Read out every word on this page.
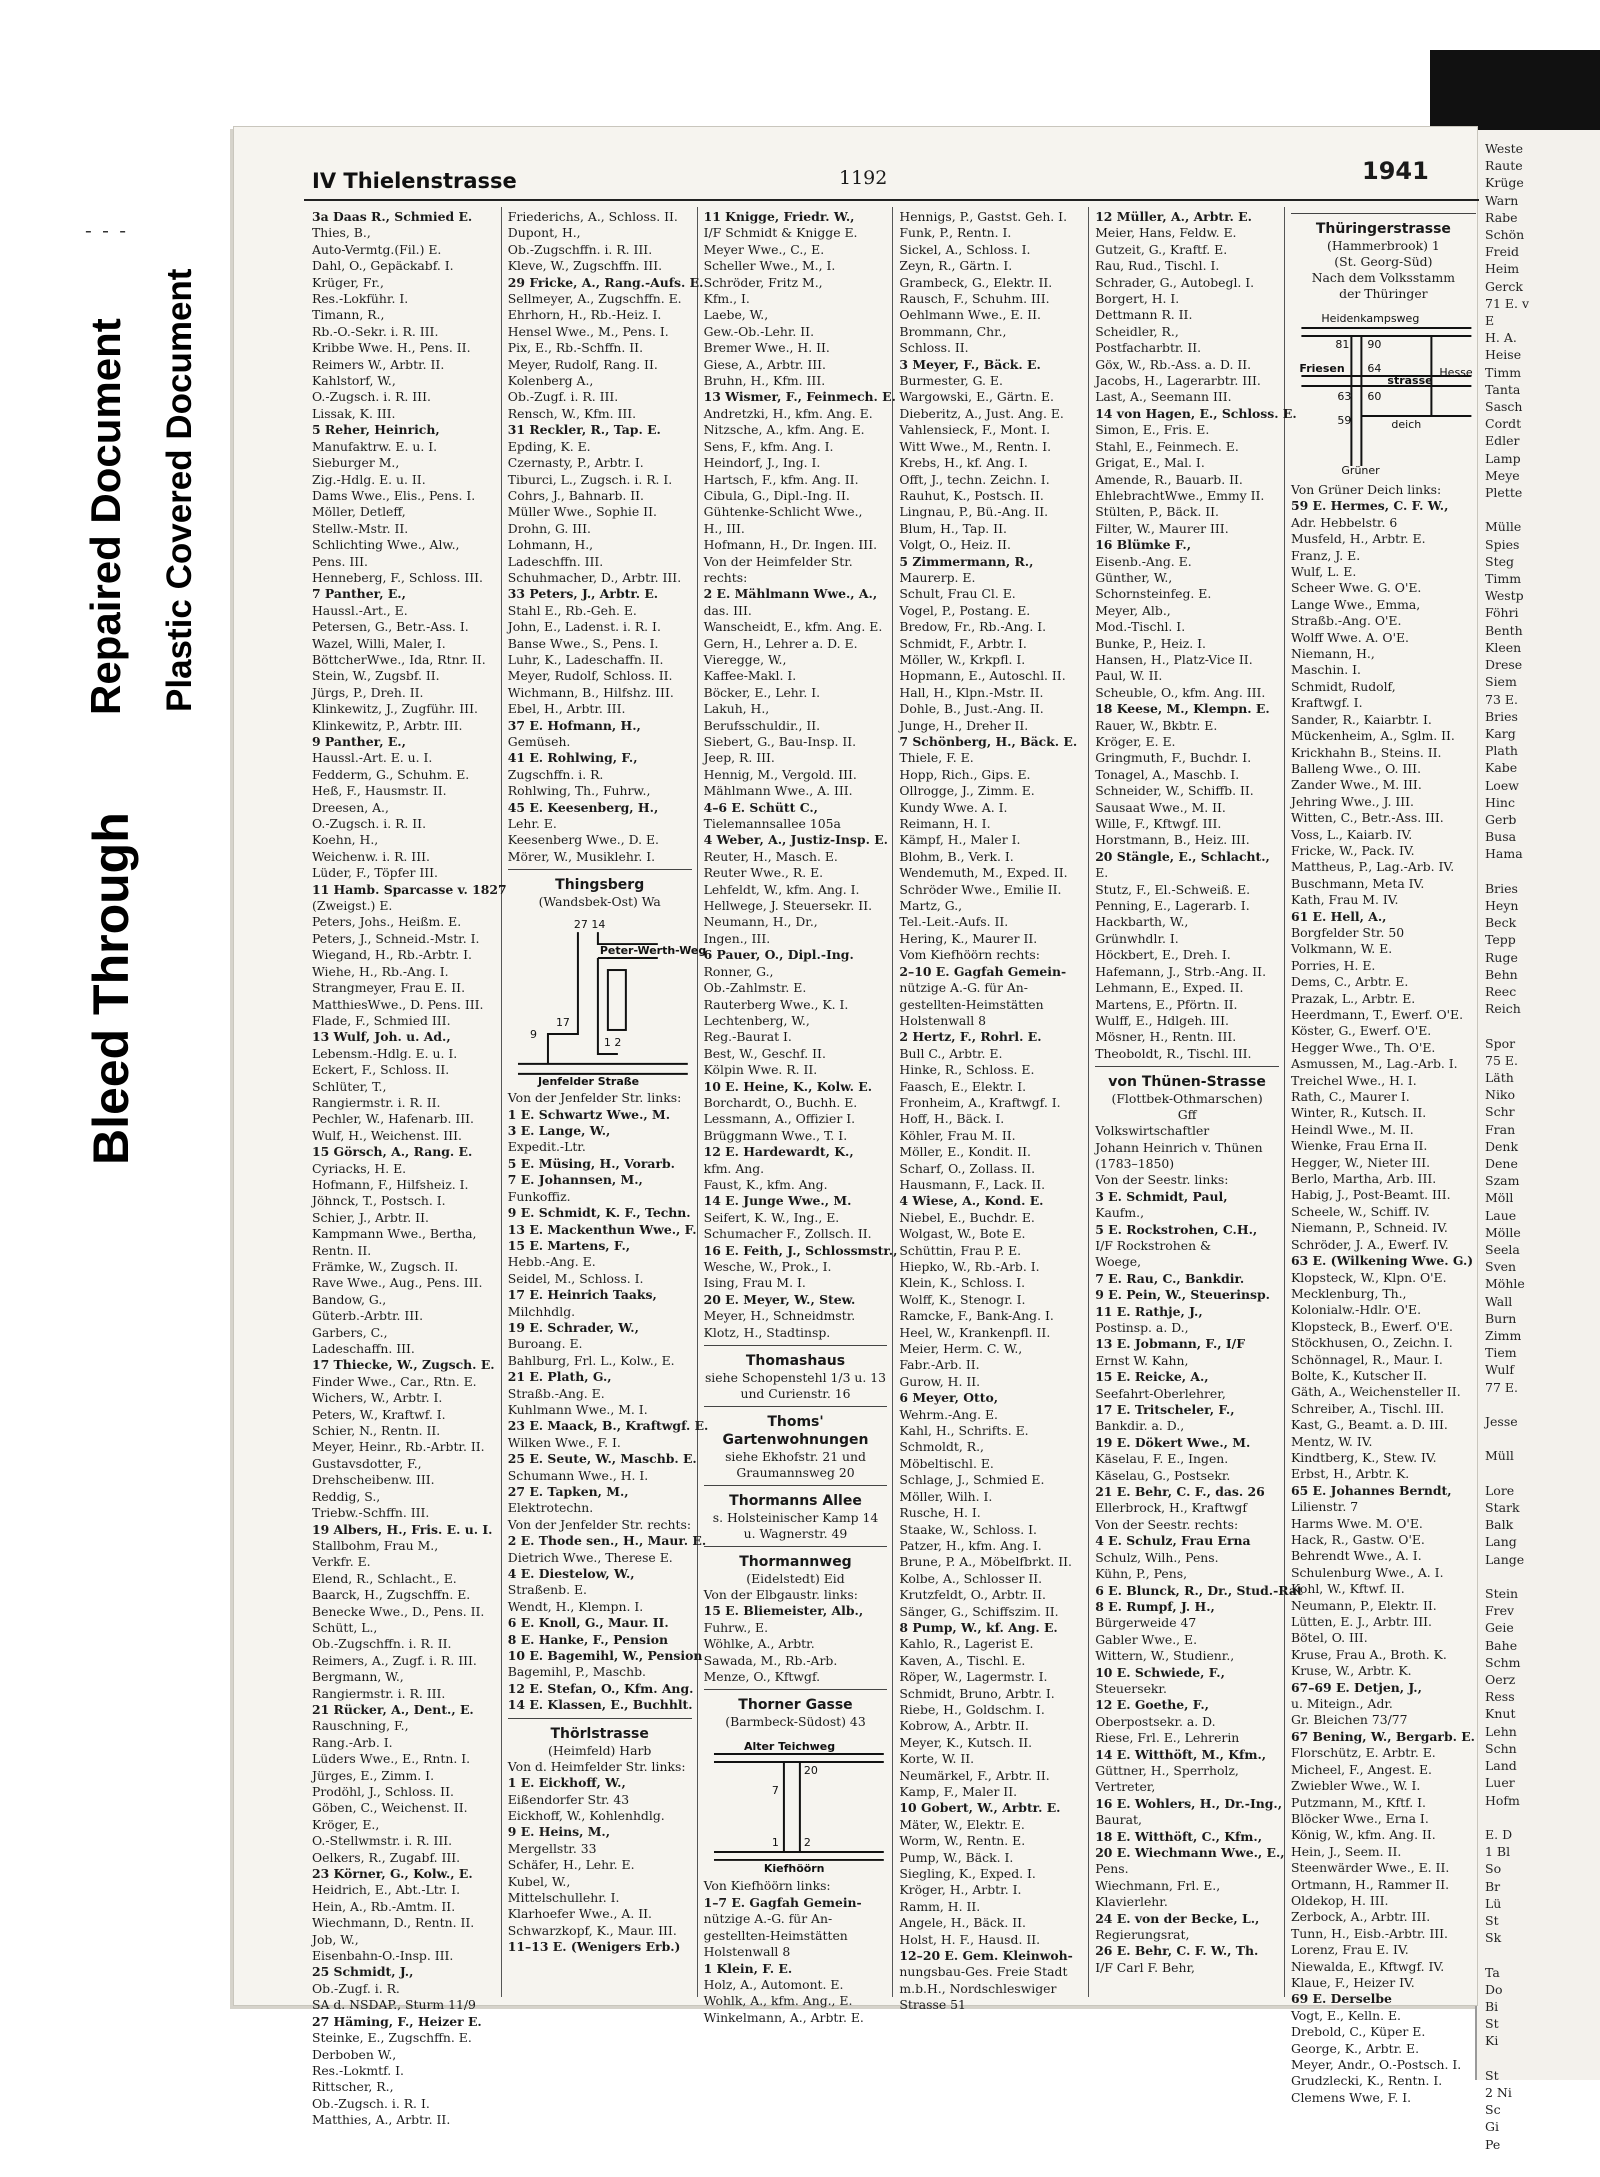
Repaired Document Plastic Covered Document
Bleed Through
- - -
Weste
Raute
Krüge
Warn
Rabe
Schön
Freid
Heim
Gerck
71 E. v
E
H. A.
Heise
Timm
Tanta
Sasch
Cordt
Edler
Lamp
Meye
Plette

Mülle
Spies
Steg
Timm
Westp
Föhri
Benth
Kleen
Drese
Siem
73 E.
Bries
Karg
Plath
Kabe
Loew
Hinc
Gerb
Busa
Hama

Bries
Heyn
Beck
Tepp
Ruge
Behn
Reec
Reich

Spor
75 E.
Läth
Niko
Schr
Fran
Denk
Dene
Szam
Möll
Laue
Mölle
Seela
Sven
Möhle
Wall
Burn
Zimm
Tiem
Wulf
77 E.

Jesse

Müll

Lore
Stark
Balk
Lang
Lange

Stein
Frev
Geie
Bahe
Schm
Oerz
Ress
Knut
Lehn
Schn
Land
Luer
Hofm

E. D
1 Bl
So
Br
Lü
St
Sk

Ta
Do
Bi
St
Ki

St
2 Ni
Sc
Gi
Pe
IV Thielenstrasse	1192	1941
3a Daas R., Schmied E.
Thies, B.,
Auto-Vermtg.(Fil.) E.
Dahl, O., Gepäckabf. I.
Krüger, Fr.,
Res.-Lokführ. I.
Timann, R.,
Rb.-O.-Sekr. i. R. III.
Kribbe Wwe. H., Pens. II.
Reimers W., Arbtr. II.
Kahlstorf, W.,
O.-Zugsch. i. R. III.
Lissak, K. III.
5 Reher, Heinrich,
Manufaktrw. E. u. I.
Sieburger M.,
Zig.-Hdlg. E. u. II.
Dams Wwe., Elis., Pens. I.
Möller, Detleff,
Stellw.-Mstr. II.
Schlichting Wwe., Alw.,
Pens. III.
Henneberg, F., Schloss. III.
7 Panther, E.,
Haussl.-Art., E.
Petersen, G., Betr.-Ass. I.
Wazel, Willi, Maler, I.
BöttcherWwe., Ida, Rtnr. II.
Stein, W., Zugsbf. II.
Jürgs, P., Dreh. II.
Klinkewitz, J., Zugführ. III.
Klinkewitz, P., Arbtr. III.
9 Panther, E.,
Haussl.-Art. E. u. I.
Fedderm, G., Schuhm. E.
Heß, F., Hausmstr. II.
Dreesen, A.,
O.-Zugsch. i. R. II.
Koehn, H.,
Weichenw. i. R. III.
Lüder, F., Töpfer III.
11 Hamb. Sparcasse v. 1827
(Zweigst.) E.
Peters, Johs., Heißm. E.
Peters, J., Schneid.-Mstr. I.
Wiegand, H., Rb.-Arbtr. I.
Wiehe, H., Rb.-Ang. I.
Strangmeyer, Frau E. II.
MatthiesWwe., D. Pens. III.
Flade, F., Schmied III.
13 Wulf, Joh. u. Ad.,
Lebensm.-Hdlg. E. u. I.
Eckert, F., Schloss. II.
Schlüter, T.,
Rangiermstr. i. R. II.
Pechler, W., Hafenarb. III.
Wulf, H., Weichenst. III.
15 Görsch, A., Rang. E.
Cyriacks, H. E.
Hofmann, F., Hilfsheiz. I.
Jöhnck, T., Postsch. I.
Schier, J., Arbtr. II.
Kampmann Wwe., Bertha,
Rentn. II.
Främke, W., Zugsch. II.
Rave Wwe., Aug., Pens. III.
Bandow, G.,
Güterb.-Arbtr. III.
Garbers, C.,
Ladeschaffn. III.
17 Thiecke, W., Zugsch. E.
Finder Wwe., Car., Rtn. E.
Wichers, W., Arbtr. I.
Peters, W., Kraftwf. I.
Schier, N., Rentn. II.
Meyer, Heinr., Rb.-Arbtr. II.
Gustavsdotter, F.,
Drehscheibenw. III.
Reddig, S.,
Triebw.-Schffn. III.
19 Albers, H., Fris. E. u. I.
Stallbohm, Frau M.,
Verkfr. E.
Elend, R., Schlacht., E.
Baarck, H., Zugschffn. E.
Benecke Wwe., D., Pens. II.
Schütt, L.,
Ob.-Zugschffn. i. R. II.
Reimers, A., Zugf. i. R. III.
Bergmann, W.,
Rangiermstr. i. R. III.
21 Rücker, A., Dent., E.
Rauschning, F.,
Rang.-Arb. I.
Lüders Wwe., E., Rntn. I.
Jürges, E., Zimm. I.
Prodöhl, J., Schloss. II.
Göben, C., Weichenst. II.
Kröger, E.,
O.-Stellwmstr. i. R. III.
Oelkers, R., Zugabf. III.
23 Körner, G., Kolw., E.
Heidrich, E., Abt.-Ltr. I.
Hein, A., Rb.-Amtm. II.
Wiechmann, D., Rentn. II.
Job, W.,
Eisenbahn-O.-Insp. III.
25 Schmidt, J.,
Ob.-Zugf. i. R.
SA d. NSDAP., Sturm 11/9
27 Häming, F., Heizer E.
Steinke, E., Zugschffn. E.
Derboben W.,
Res.-Lokmtf. I.
Rittscher, R.,
Ob.-Zugsch. i. R. I.
Matthies, A., Arbtr. II.
Friederichs, A., Schloss. II.
Dupont, H.,
Ob.-Zugschffn. i. R. III.
Kleve, W., Zugschffn. III.
29 Fricke, A., Rang.-Aufs. E.
Sellmeyer, A., Zugschffn. E.
Ehrhorn, H., Rb.-Heiz. I.
Hensel Wwe., M., Pens. I.
Pix, E., Rb.-Schffn. II.
Meyer, Rudolf, Rang. II.
Kolenberg A.,
Ob.-Zugf. i. R. III.
Rensch, W., Kfm. III.
31 Reckler, R., Tap. E.
Epding, K. E.
Czernasty, P., Arbtr. I.
Tiburci, L., Zugsch. i. R. I.
Cohrs, J., Bahnarb. II.
Müller Wwe., Sophie II.
Drohn, G. III.
Lohmann, H.,
Ladeschffn. III.
Schuhmacher, D., Arbtr. III.
33 Peters, J., Arbtr. E.
Stahl E., Rb.-Geh. E.
John, E., Ladenst. i. R. I.
Banse Wwe., S., Pens. I.
Luhr, K., Ladeschaffn. II.
Meyer, Rudolf, Schloss. II.
Wichmann, B., Hilfshz. III.
Ebel, H., Arbtr. III.
37 E. Hofmann, H.,
Gemüseh.
41 E. Rohlwing, F.,
Zugschffn. i. R.
Rohlwing, Th., Fuhrw.,
45 E. Keesenberg, H.,
Lehr. E.
Keesenberg Wwe., D. E.
Mörer, W., Musiklehr. I.
Thingsberg
(Wandsbek-Ost) Wa
27 14
Peter-Werth-Weg
17
9
1 2
Jenfelder Straße
Von der Jenfelder Str. links:
1 E. Schwartz Wwe., M.
3 E. Lange, W.,
Expedit.-Ltr.
5 E. Müsing, H., Vorarb.
7 E. Johannsen, M.,
Funkoffiz.
9 E. Schmidt, K. F., Techn.
13 E. Mackenthun Wwe., F.
15 E. Martens, F.,
Hebb.-Ang. E.
Seidel, M., Schloss. I.
17 E. Heinrich Taaks,
Milchhdlg.
19 E. Schrader, W.,
Buroang. E.
Bahlburg, Frl. L., Kolw., E.
21 E. Plath, G.,
Straßb.-Ang. E.
Kuhlmann Wwe., M. I.
23 E. Maack, B., Kraftwgf. E.
Wilken Wwe., F. I.
25 E. Seute, W., Maschb. E.
Schumann Wwe., H. I.
27 E. Tapken, M.,
Elektrotechn.
Von der Jenfelder Str. rechts:
2 E. Thode sen., H., Maur. E.
Dietrich Wwe., Therese E.
4 E. Diestelow, W.,
Straßenb. E.
Wendt, H., Klempn. I.
6 E. Knoll, G., Maur. II.
8 E. Hanke, F., Pension
10 E. Bagemihl, W., Pension
Bagemihl, P., Maschb.
12 E. Stefan, O., Kfm. Ang.
14 E. Klassen, E., Buchhlt.
Thörlstrasse
(Heimfeld) Harb
Von d. Heimfelder Str. links:
1 E. Eickhoff, W.,
Eißendorfer Str. 43
Eickhoff, W., Kohlenhdlg.
9 E. Heins, M.,
Mergellstr. 33
Schäfer, H., Lehr. E.
Kubel, W.,
Mittelschullehr. I.
Klarhoefer Wwe., A. II.
Schwarzkopf, K., Maur. III.
11–13 E. (Wenigers Erb.)
11 Knigge, Friedr. W.,
I/F Schmidt & Knigge E.
Meyer Wwe., C., E.
Scheller Wwe., M., I.
Schröder, Fritz M.,
Kfm., I.
Laebe, W.,
Gew.-Ob.-Lehr. II.
Bremer Wwe., H. II.
Giese, A., Arbtr. III.
Bruhn, H., Kfm. III.
13 Wismer, F., Feinmech. E.
Andretzki, H., kfm. Ang. E.
Nitzsche, A., kfm. Ang. E.
Sens, F., kfm. Ang. I.
Heindorf, J., Ing. I.
Hartsch, F., kfm. Ang. II.
Cibula, G., Dipl.-Ing. II.
Gühtenke-Schlicht Wwe.,
H., III.
Hofmann, H., Dr. Ingen. III.
Von der Heimfelder Str.
rechts:
2 E. Mählmann Wwe., A.,
das. III.
Wanscheidt, E., kfm. Ang. E.
Gern, H., Lehrer a. D. E.
Vieregge, W.,
Kaffee-Makl. I.
Böcker, E., Lehr. I.
Lakuh, H.,
Berufsschuldir., II.
Siebert, G., Bau-Insp. II.
Jeep, R. III.
Hennig, M., Vergold. III.
Mählmann Wwe., A. III.
4–6 E. Schütt C.,
Tielemannsallee 105a
4 Weber, A., Justiz-Insp. E.
Reuter, H., Masch. E.
Reuter Wwe., R. E.
Lehfeldt, W., kfm. Ang. I.
Hellwege, J. Steuersekr. II.
Neumann, H., Dr.,
Ingen., III.
6 Pauer, O., Dipl.-Ing.
Ronner, G.,
Ob.-Zahlmstr. E.
Rauterberg Wwe., K. I.
Lechtenberg, W.,
Reg.-Baurat I.
Best, W., Geschf. II.
Kölpin Wwe. R. II.
10 E. Heine, K., Kolw. E.
Borchardt, O., Buchh. E.
Lessmann, A., Offizier I.
Brüggmann Wwe., T. I.
12 E. Hardewardt, K.,
kfm. Ang.
Faust, K., kfm. Ang.
14 E. Junge Wwe., M.
Seifert, K. W., Ing., E.
Schumacher F., Zollsch. II.
16 E. Feith, J., Schlossmstr.,
Wesche, W., Prok., I.
Ising, Frau M. I.
20 E. Meyer, W., Stew.
Meyer, H., Schneidmstr.
Klotz, H., Stadtinsp.
Thomashaus
siehe Schopenstehl 1/3 u. 13
und Curienstr. 16
Thoms' Gartenwohnungen
siehe Ekhofstr. 21 und
Graumannsweg 20
Thormanns Allee
s. Holsteinischer Kamp 14
u. Wagnerstr. 49
Thormannweg
(Eidelstedt) Eid
Von der Elbgaustr. links:
15 E. Bliemeister, Alb.,
Fuhrw., E.
Wöhlke, A., Arbtr.
Sawada, M., Rb.-Arb.
Menze, O., Kftwgf.
Thorner Gasse
(Barmbeck-Südost) 43
Alter Teichweg
7
20
1 2
Kiefhöörn
Von Kiefhöörn links:
1–7 E. Gagfah Gemein-
nützige A.-G. für An-
gestellten-Heimstätten
Holstenwall 8
1 Klein, F. E.
Holz, A., Automont. E.
Wohlk, A., kfm. Ang., E.
Winkelmann, A., Arbtr. E.
Hennigs, P., Gastst. Geh. I.
Funk, P., Rentn. I.
Sickel, A., Schloss. I.
Zeyn, R., Gärtn. I.
Grambeck, G., Elektr. II.
Rausch, F., Schuhm. III.
Oehlmann Wwe., E. II.
Brommann, Chr.,
Schloss. II.
3 Meyer, F., Bäck. E.
Burmester, G. E.
Wargowski, E., Gärtn. E.
Dieberitz, A., Just. Ang. E.
Vahlensieck, F., Mont. I.
Witt Wwe., M., Rentn. I.
Krebs, H., kf. Ang. I.
Offt, J., techn. Zeichn. I.
Rauhut, K., Postsch. II.
Lingnau, P., Bü.-Ang. II.
Blum, H., Tap. II.
Volgt, O., Heiz. II.
5 Zimmermann, R.,
Maurerp. E.
Schult, Frau Cl. E.
Vogel, P., Postang. E.
Bredow, Fr., Rb.-Ang. I.
Schmidt, F., Arbtr. I.
Möller, W., Krkpfl. I.
Hopmann, E., Autoschl. II.
Hall, H., Klpn.-Mstr. II.
Dohle, B., Just.-Ang. II.
Junge, H., Dreher II.
7 Schönberg, H., Bäck. E.
Thiele, F. E.
Hopp, Rich., Gips. E.
Ollrogge, J., Zimm. E.
Kundy Wwe. A. I.
Reimann, H. I.
Kämpf, H., Maler I.
Blohm, B., Verk. I.
Wendemuth, M., Exped. II.
Schröder Wwe., Emilie II.
Martz, G.,
Tel.-Leit.-Aufs. II.
Hering, K., Maurer II.
Vom Kiefhöörn rechts:
2–10 E. Gagfah Gemein-
nützige A.-G. für An-
gestellten-Heimstätten
Holstenwall 8
2 Hertz, F., Rohrl. E.
Bull C., Arbtr. E.
Hinke, R., Schloss. E.
Faasch, E., Elektr. I.
Fronheim, A., Kraftwgf. I.
Hoff, H., Bäck. I.
Köhler, Frau M. II.
Möller, E., Kondit. II.
Scharf, O., Zollass. II.
Hausmann, F., Lack. II.
4 Wiese, A., Kond. E.
Niebel, E., Buchdr. E.
Wolgast, W., Bote E.
Schüttin, Frau P. E.
Hiepko, W., Rb.-Arb. I.
Klein, K., Schloss. I.
Wolff, K., Stenogr. I.
Ramcke, F., Bank-Ang. I.
Heel, W., Krankenpfl. II.
Meier, Herm. C. W.,
Fabr.-Arb. II.
Gurow, H. II.
6 Meyer, Otto,
Wehrm.-Ang. E.
Kahl, H., Schrifts. E.
Schmoldt, R.,
Möbeltischl. E.
Schlage, J., Schmied E.
Möller, Wilh. I.
Rusche, H. I.
Staake, W., Schloss. I.
Patzer, H., kfm. Ang. I.
Brune, P. A., Möbelfbrkt. II.
Kolbe, A., Schlosser II.
Krutzfeldt, O., Arbtr. II.
Sänger, G., Schiffszim. II.
8 Pump, W., kf. Ang. E.
Kahlo, R., Lagerist E.
Kaven, A., Tischl. E.
Röper, W., Lagermstr. I.
Schmidt, Bruno, Arbtr. I.
Riebe, H., Goldschm. I.
Kobrow, A., Arbtr. II.
Meyer, K., Kutsch. II.
Korte, W. II.
Neumärkel, F., Arbtr. II.
Kamp, F., Maler II.
10 Gobert, W., Arbtr. E.
Mäter, W., Elektr. E.
Worm, W., Rentn. E.
Pump, W., Bäck. I.
Siegling, K., Exped. I.
Kröger, H., Arbtr. I.
Ramm, H. II.
Angele, H., Bäck. II.
Holst, H. F., Hausd. II.
12–20 E. Gem. Kleinwoh-
nungsbau-Ges. Freie Stadt
m.b.H., Nordschleswiger
Strasse 51
12 Müller, A., Arbtr. E.
Meier, Hans, Feldw. E.
Gutzeit, G., Kraftf. E.
Rau, Rud., Tischl. I.
Schrader, G., Autobegl. I.
Borgert, H. I.
Dettmann R. II.
Scheidler, R.,
Postfacharbtr. II.
Göx, W., Rb.-Ass. a. D. II.
Jacobs, H., Lagerarbtr. III.
Last, A., Seemann III.
14 von Hagen, E., Schloss. E.
Simon, E., Fris. E.
Stahl, E., Feinmech. E.
Grigat, E., Mal. I.
Amende, R., Bauarb. II.
EhlebrachtWwe., Emmy II.
Stülten, P., Bäck. II.
Filter, W., Maurer III.
16 Blümke F.,
Eisenb.-Ang. E.
Günther, W.,
Schornsteinfeg. E.
Meyer, Alb.,
Mod.-Tischl. I.
Bunke, P., Heiz. I.
Hansen, H., Platz-Vice II.
Paul, W. II.
Scheuble, O., kfm. Ang. III.
18 Keese, M., Klempn. E.
Rauer, W., Bkbtr. E.
Kröger, E. E.
Gringmuth, F., Buchdr. I.
Tonagel, A., Maschb. I.
Schneider, W., Schiffb. II.
Sausaat Wwe., M. II.
Wille, F., Kftwgf. III.
Horstmann, B., Heiz. III.
20 Stängle, E., Schlacht.,
E.
Stutz, F., El.-Schweiß. E.
Penning, E., Lagerarb. I.
Hackbarth, W.,
Grünwhdlr. I.
Höckbert, E., Dreh. I.
Hafemann, J., Strb.-Ang. II.
Lehmann, E., Exped. II.
Martens, E., Pförtn. II.
Wulff, E., Hdlgeh. III.
Mösner, H., Rentn. III.
Theoboldt, R., Tischl. III.
von Thünen-Strasse
(Flottbek-Othmarschen)
Gff
Volkswirtschaftler
Johann Heinrich v. Thünen
(1783–1850)
Von der Seestr. links:
3 E. Schmidt, Paul,
Kaufm.,
5 E. Rockstrohen, C.H.,
I/F Rockstrohen &
Woege,
7 E. Rau, C., Bankdir.
9 E. Pein, W., Steuerinsp.
11 E. Rathje, J.,
Postinsp. a. D.,
13 E. Jobmann, F., I/F
Ernst W. Kahn,
15 E. Reicke, A.,
Seefahrt-Oberlehrer,
17 E. Tritscheler, F.,
Bankdir. a. D.,
19 E. Dökert Wwe., M.
Käselau, F. E., Ingen.
Käselau, G., Postsekr.
21 E. Behr, C. F., das. 26
Ellerbrock, H., Kraftwgf
Von der Seestr. rechts:
4 E. Schulz, Frau Erna
Schulz, Wilh., Pens.
Kühn, P., Pens,
6 E. Blunck, R., Dr., Stud.-Rat
8 E. Rumpf, J. H.,
Bürgerweide 47
Gabler Wwe., E.
Wittern, W., Studienr.,
10 E. Schwiede, F.,
Steuersekr.
12 E. Goethe, F.,
Oberpostsekr. a. D.
Riese, Frl. E., Lehrerin
14 E. Witthöft, M., Kfm.,
Güttner, H., Sperrholz,
Vertreter,
16 E. Wohlers, H., Dr.-Ing.,
Baurat,
18 E. Witthöft, C., Kfm.,
20 E. Wiechmann Wwe., E.,
Pens.
Wiechmann, Frl. E.,
Klavierlehr.
24 E. von der Becke, L.,
Regierungsrat,
26 E. Behr, C. F. W., Th.
I/F Carl F. Behr,
Thüringerstrasse
(Hammerbrook) 1
(St. Georg-Süd)
Nach dem Volksstamm
der Thüringer
Heidenkampsweg
81 90
Friesen 64
strasse
63 60
59	deich
Grüner
Hesse
Von Grüner Deich links:
59 E. Hermes, C. F. W.,
Adr. Hebbelstr. 6
Musfeld, H., Arbtr. E.
Franz, J. E.
Wulf, L. E.
Scheer Wwe. G. O'E.
Lange Wwe., Emma,
Straßb.-Ang. O'E.
Wolff Wwe. A. O'E.
Niemann, H.,
Maschin. I.
Schmidt, Rudolf,
Kraftwgf. I.
Sander, R., Kaiarbtr. I.
Mückenheim, A., Sglm. II.
Krickhahn B., Steins. II.
Balleng Wwe., O. III.
Zander Wwe., M. III.
Jehring Wwe., J. III.
Witten, C., Betr.-Ass. III.
Voss, L., Kaiarb. IV.
Fricke, W., Pack. IV.
Mattheus, P., Lag.-Arb. IV.
Buschmann, Meta IV.
Kath, Frau M. IV.
61 E. Hell, A.,
Borgfelder Str. 50
Volkmann, W. E.
Porries, H. E.
Dems, C., Arbtr. E.
Prazak, L., Arbtr. E.
Heerdmann, T., Ewerf. O'E.
Köster, G., Ewerf. O'E.
Hegger Wwe., Th. O'E.
Asmussen, M., Lag.-Arb. I.
Treichel Wwe., H. I.
Rath, C., Maurer I.
Winter, R., Kutsch. II.
Heindl Wwe., M. II.
Wienke, Frau Erna II.
Hegger, W., Nieter III.
Berlo, Martha, Arb. III.
Habig, J., Post-Beamt. III.
Scheele, W., Schiff. IV.
Niemann, P., Schneid. IV.
Schröder, J. A., Ewerf. IV.
63 E. (Wilkening Wwe. G.)
Klopsteck, W., Klpn. O'E.
Mecklenburg, Th.,
Kolonialw.-Hdlr. O'E.
Klopsteck, B., Ewerf. O'E.
Stöckhusen, O., Zeichn. I.
Schönnagel, R., Maur. I.
Bolte, K., Kutscher II.
Gäth, A., Weichensteller II.
Schreiber, A., Tischl. III.
Kast, G., Beamt. a. D. III.
Mentz, W. IV.
Kindtberg, K., Stew. IV.
Erbst, H., Arbtr. K.
65 E. Johannes Berndt,
Lilienstr. 7
Harms Wwe. M. O'E.
Hack, R., Gastw. O'E.
Behrendt Wwe., A. I.
Schulenburg Wwe., A. I.
Kohl, W., Kftwf. II.
Neumann, P., Elektr. II.
Lütten, E. J., Arbtr. III.
Bötel, O. III.
Kruse, Frau A., Broth. K.
Kruse, W., Arbtr. K.
67–69 E. Detjen, J.,
u. Miteign., Adr.
Gr. Bleichen 73/77
67 Bening, W., Bergarb. E.
Florschütz, E. Arbtr. E.
Micheel, F., Angest. E.
Zwiebler Wwe., W. I.
Putzmann, M., Kftf. I.
Blöcker Wwe., Erna I.
König, W., kfm. Ang. II.
Hein, J., Seem. II.
Steenwärder Wwe., E. II.
Ortmann, H., Rammer II.
Oldekop, H. III.
Zerbock, A., Arbtr. III.
Tunn, H., Eisb.-Arbtr. III.
Lorenz, Frau E. IV.
Niewalda, E., Kftwgf. IV.
Klaue, F., Heizer IV.
69 E. Derselbe
Vogt, E., Kelln. E.
Drebold, C., Küper E.
George, K., Arbtr. E.
Meyer, Andr., O.-Postsch. I.
Grudzlecki, K., Rentn. I.
Clemens Wwe, F. I.
